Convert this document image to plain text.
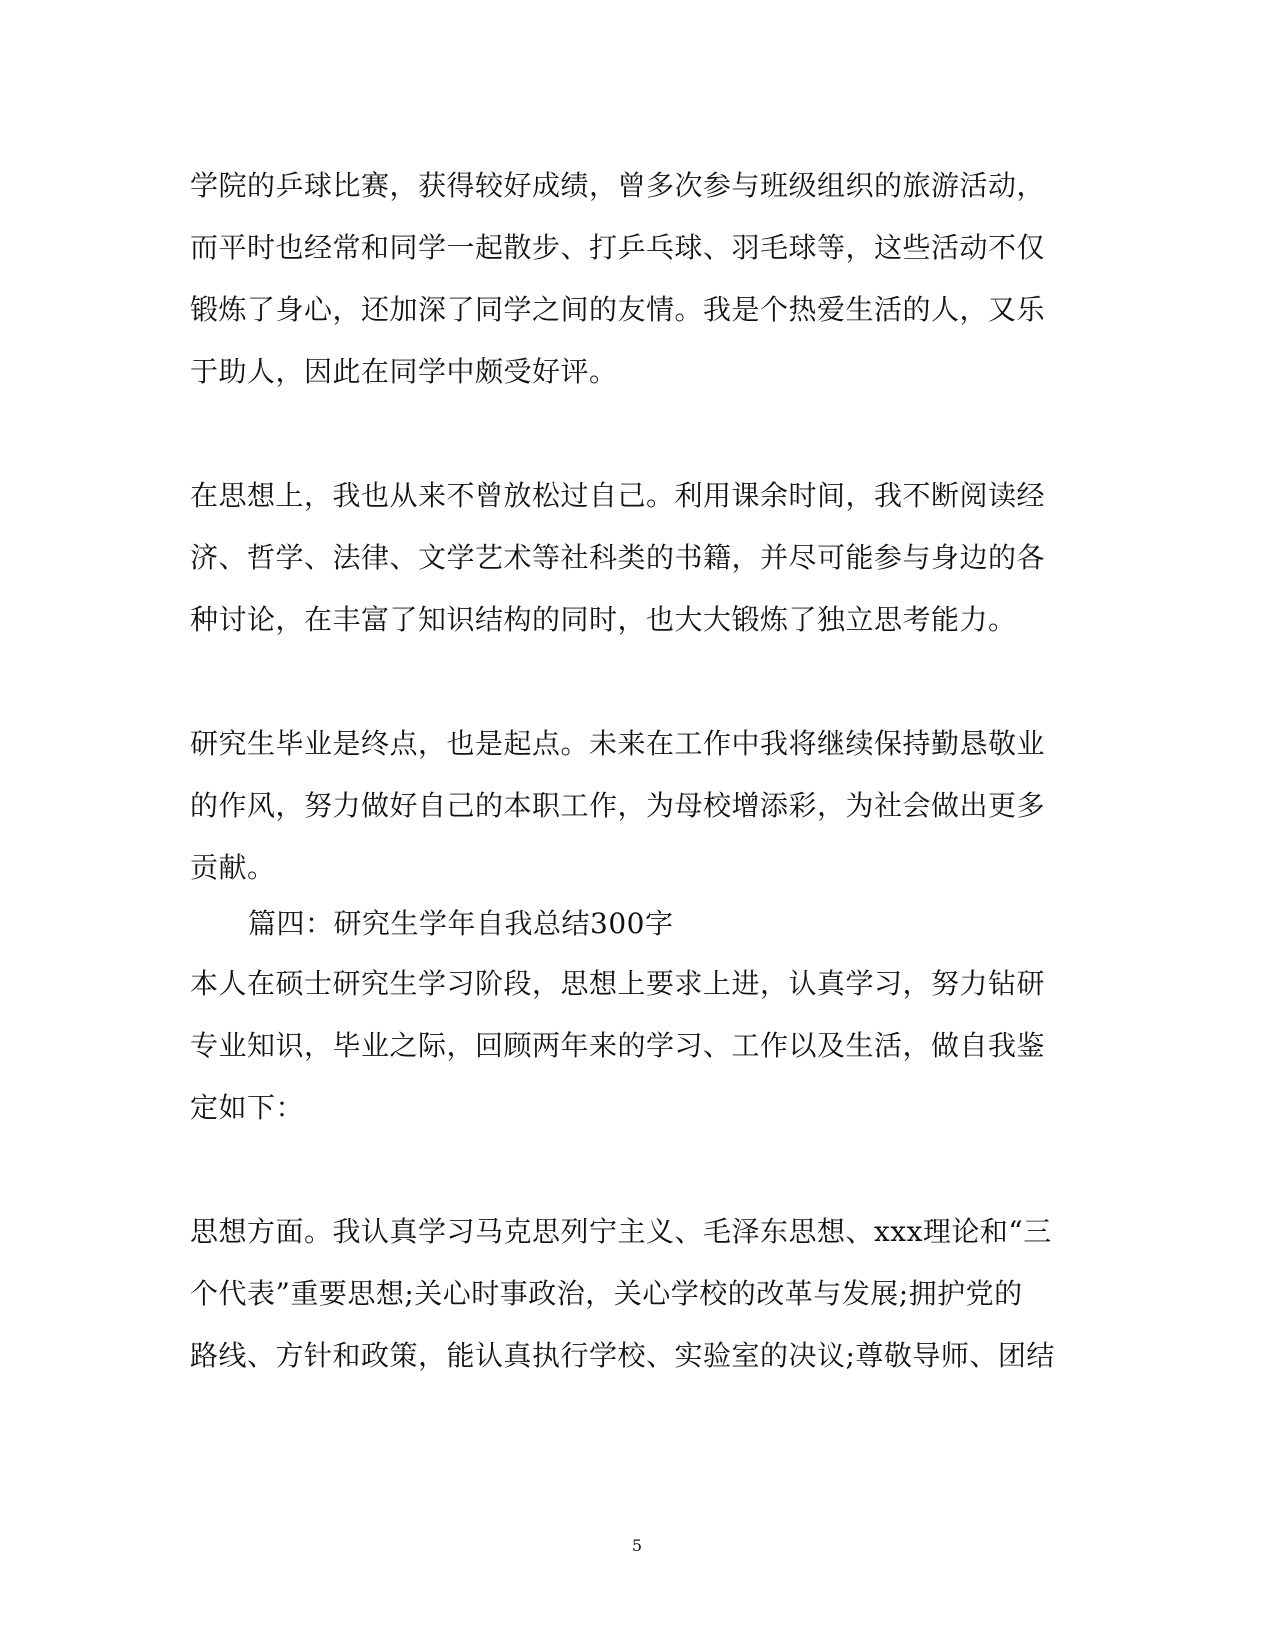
学院的乒球比赛，获得较好成绩，曾多次参与班级组织的旅游活动，
而平时也经常和同学一起散步、打乒乓球、羽毛球等，这些活动不仅
锻炼了身心，还加深了同学之间的友情。我是个热爱生活的人，又乐
于助人，因此在同学中颇受好评。
在思想上，我也从来不曾放松过自己。利用课余时间，我不断阅读经
济、哲学、法律、文学艺术等社科类的书籍，并尽可能参与身边的各
种讨论，在丰富了知识结构的同时，也大大锻炼了独立思考能力。
研究生毕业是终点，也是起点。未来在工作中我将继续保持勤恳敬业
的作风，努力做好自己的本职工作，为母校增添彩，为社会做出更多
贡献。
篇四：研究生学年自我总结300字
本人在硕士研究生学习阶段，思想上要求上进，认真学习，努力钻研
专业知识，毕业之际，回顾两年来的学习、工作以及生活，做自我鉴
定如下：
思想方面。我认真学习马克思列宁主义、毛泽东思想、xxx理论和“三
个代表”重要思想;关心时事政治，关心学校的改革与发展;拥护党的
路线、方针和政策，能认真执行学校、实验室的决议;尊敬导师、团结
5
